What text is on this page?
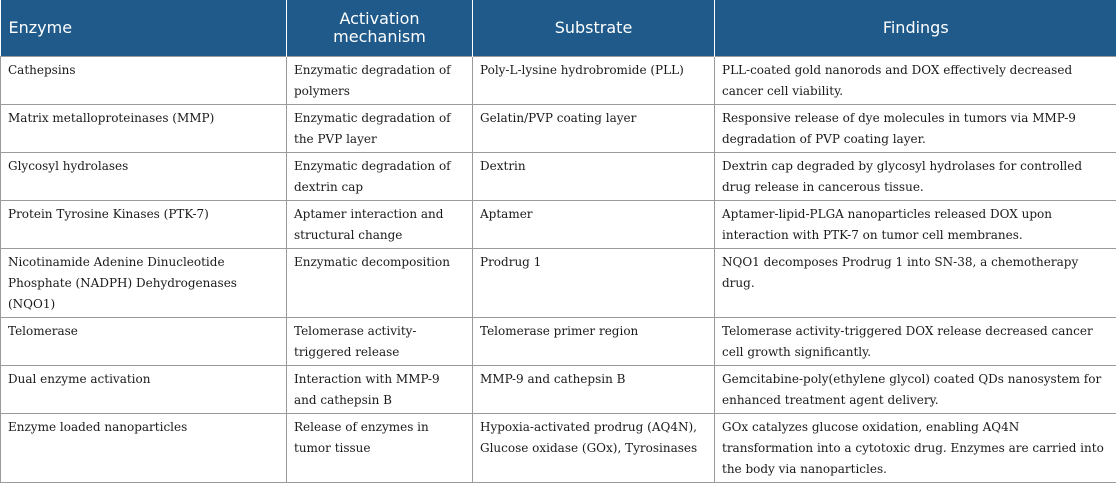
Enzyme	Activation mechanism	Substrate	Findings
Cathepsins	Enzymatic degradation of polymers	Poly-L-lysine hydrobromide (PLL)	PLL-coated gold nanorods and DOX effectively decreased cancer cell viability.
Matrix metalloproteinases (MMP)	Enzymatic degradation of the PVP layer	Gelatin/PVP coating layer	Responsive release of dye molecules in tumors via MMP-9 degradation of PVP coating layer.
Glycosyl hydrolases	Enzymatic degradation of dextrin cap	Dextrin	Dextrin cap degraded by glycosyl hydrolases for controlled drug release in cancerous tissue.
Protein Tyrosine Kinases (PTK-7)	Aptamer interaction and structural change	Aptamer	Aptamer-lipid-PLGA nanoparticles released DOX upon interaction with PTK-7 on tumor cell membranes.
Nicotinamide Adenine Dinucleotide Phosphate (NADPH) Dehydrogenases (NQO1)	Enzymatic decomposition	Prodrug 1	NQO1 decomposes Prodrug 1 into SN-38, a chemotherapy drug.
Telomerase	Telomerase activity-triggered release	Telomerase primer region	Telomerase activity-triggered DOX release decreased cancer cell growth significantly.
Dual enzyme activation	Interaction with MMP-9 and cathepsin B	MMP-9 and cathepsin B	Gemcitabine-poly(ethylene glycol) coated QDs nanosystem for enhanced treatment agent delivery.
Enzyme loaded nanoparticles	Release of enzymes in tumor tissue	Hypoxia-activated prodrug (AQ4N), Glucose oxidase (GOx), Tyrosinases	GOx catalyzes glucose oxidation, enabling AQ4N transformation into a cytotoxic drug. Enzymes are carried into the body via nanoparticles.
